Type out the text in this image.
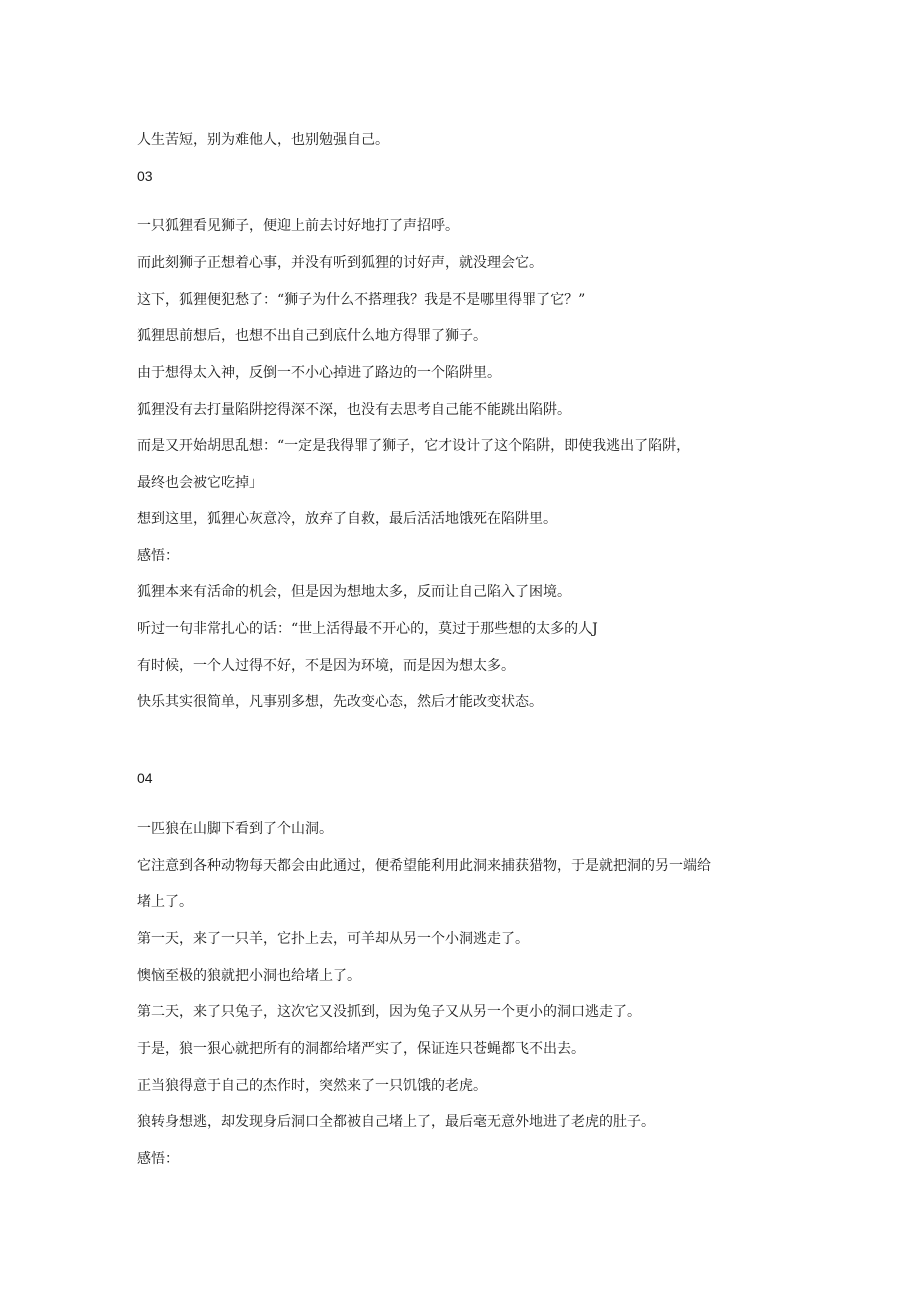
人生苦短，别为难他人，也别勉强自己。

03

一只狐狸看见狮子，便迎上前去讨好地打了声招呼。

而此刻狮子正想着心事，并没有听到狐狸的讨好声，就没理会它。

这下，狐狸便犯愁了：“狮子为什么不搭理我？我是不是哪里得罪了它？”

狐狸思前想后，也想不出自己到底什么地方得罪了狮子。

由于想得太入神，反倒一不小心掉进了路边的一个陷阱里。

狐狸没有去打量陷阱挖得深不深，也没有去思考自己能不能跳出陷阱。

而是又开始胡思乱想：“一定是我得罪了狮子，它才设计了这个陷阱，即使我逃出了陷阱，

最终也会被它吃掉」

想到这里，狐狸心灰意冷，放弃了自救，最后活活地饿死在陷阱里。

感悟：

狐狸本来有活命的机会，但是因为想地太多，反而让自己陷入了困境。

听过一句非常扎心的话：“世上活得最不开心的，莫过于那些想的太多的人J

有时候，一个人过得不好，不是因为环境，而是因为想太多。

快乐其实很简单，凡事别多想，先改变心态，然后才能改变状态。

04

一匹狼在山脚下看到了个山洞。

它注意到各种动物每天都会由此通过，便希望能利用此洞来捕获猎物，于是就把洞的另一端给

堵上了。

第一天，来了一只羊，它扑上去，可羊却从另一个小洞逃走了。

懊恼至极的狼就把小洞也给堵上了。

第二天，来了只兔子，这次它又没抓到，因为兔子又从另一个更小的洞口逃走了。

于是，狼一狠心就把所有的洞都给堵严实了，保证连只苍蝇都飞不出去。

正当狼得意于自己的杰作时，突然来了一只饥饿的老虎。

狼转身想逃，却发现身后洞口全都被自己堵上了，最后毫无意外地进了老虎的肚子。

感悟：
